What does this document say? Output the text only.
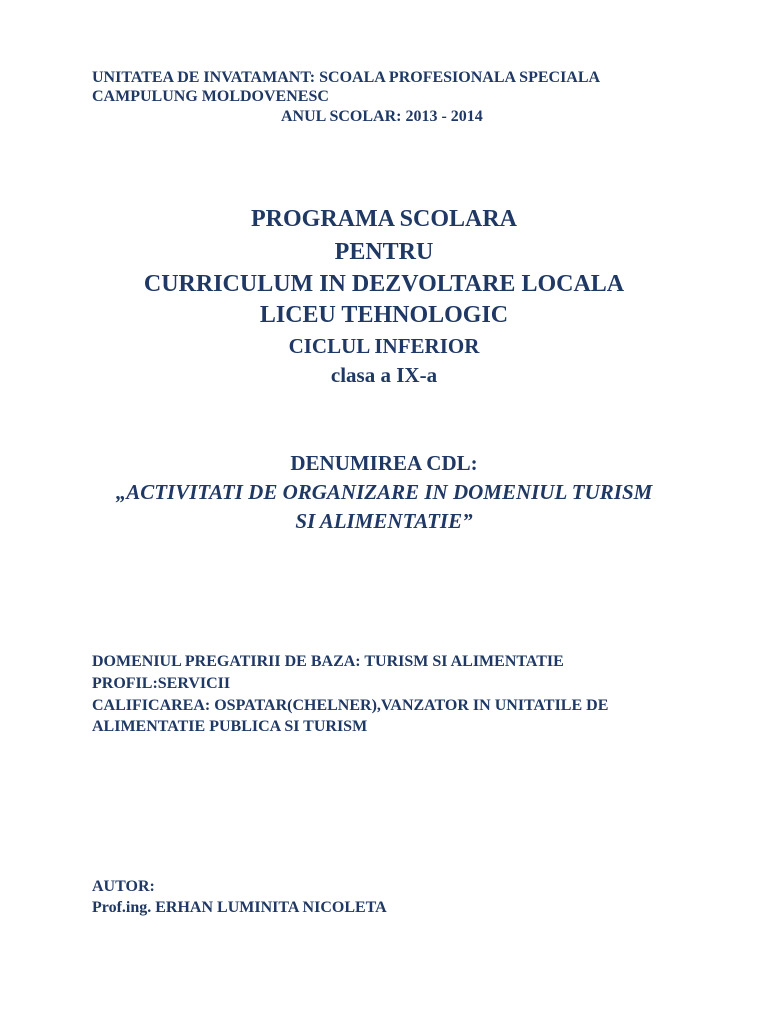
UNITATEA DE INVATAMANT: SCOALA PROFESIONALA SPECIALA
CAMPULUNG MOLDOVENESC
ANUL SCOLAR: 2013 - 2014
PROGRAMA SCOLARA
PENTRU
CURRICULUM IN DEZVOLTARE LOCALA
LICEU TEHNOLOGIC
CICLUL INFERIOR
clasa a IX-a
DENUMIREA CDL:
„ACTIVITATI DE ORGANIZARE IN DOMENIUL TURISM
SI ALIMENTATIE”
DOMENIUL PREGATIRII DE BAZA: TURISM SI ALIMENTATIE
PROFIL:SERVICII
CALIFICAREA: OSPATAR(CHELNER),VANZATOR IN UNITATILE DE
ALIMENTATIE PUBLICA SI TURISM
AUTOR:
Prof.ing. ERHAN LUMINITA NICOLETA
